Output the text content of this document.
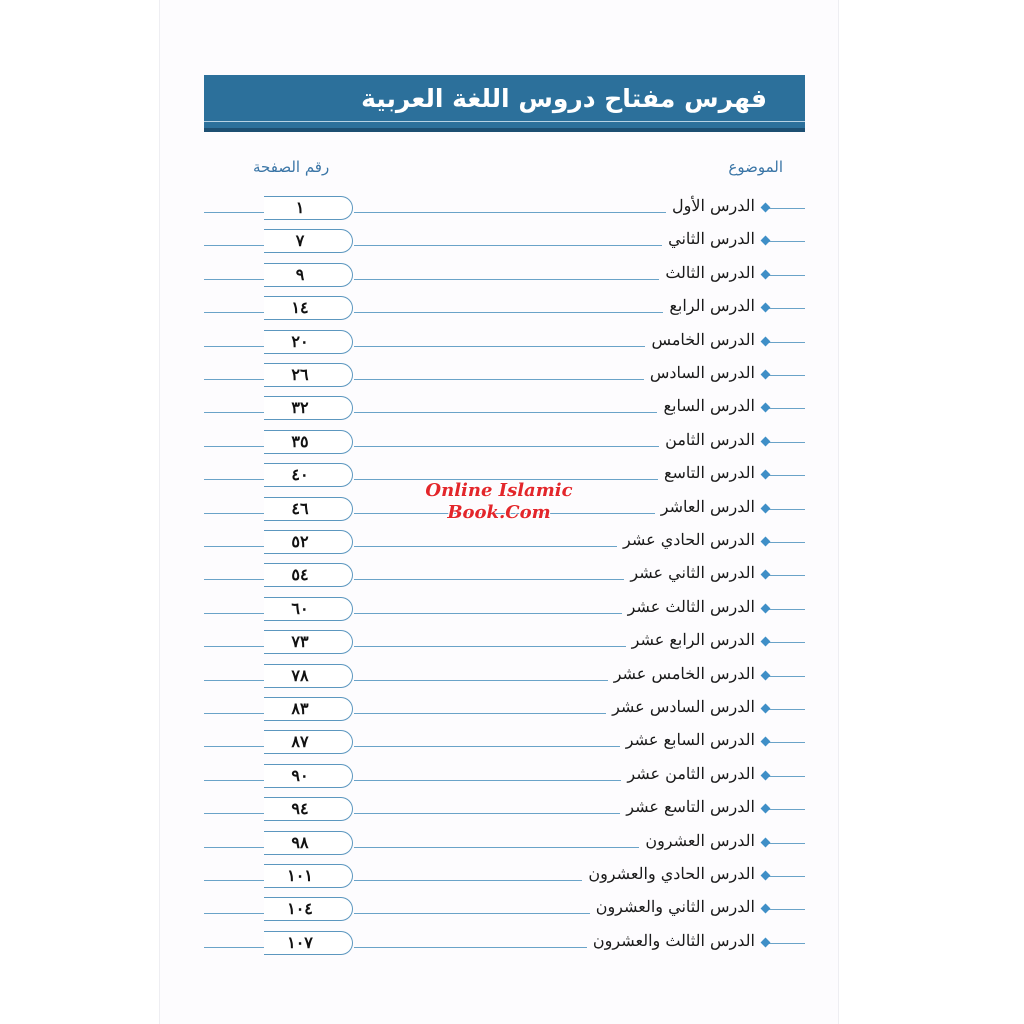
فهرس مفتاح دروس اللغة العربية
الموضوع
رقم الصفحة
الدرس الأول
١
الدرس الثاني
٧
الدرس الثالث
٩
الدرس الرابع
١٤
الدرس الخامس
٢٠
الدرس السادس
٢٦
الدرس السابع
٣٢
الدرس الثامن
٣٥
الدرس التاسع
٤٠
الدرس العاشر
٤٦
الدرس الحادي عشر
٥٢
الدرس الثاني عشر
٥٤
الدرس الثالث عشر
٦٠
الدرس الرابع عشر
٧٣
الدرس الخامس عشر
٧٨
الدرس السادس عشر
٨٣
الدرس السابع عشر
٨٧
الدرس الثامن عشر
٩٠
الدرس التاسع عشر
٩٤
الدرس العشرون
٩٨
الدرس الحادي والعشرون
١٠١
الدرس الثاني والعشرون
١٠٤
الدرس الثالث والعشرون
١٠٧
Online Islamic
Book.Com
